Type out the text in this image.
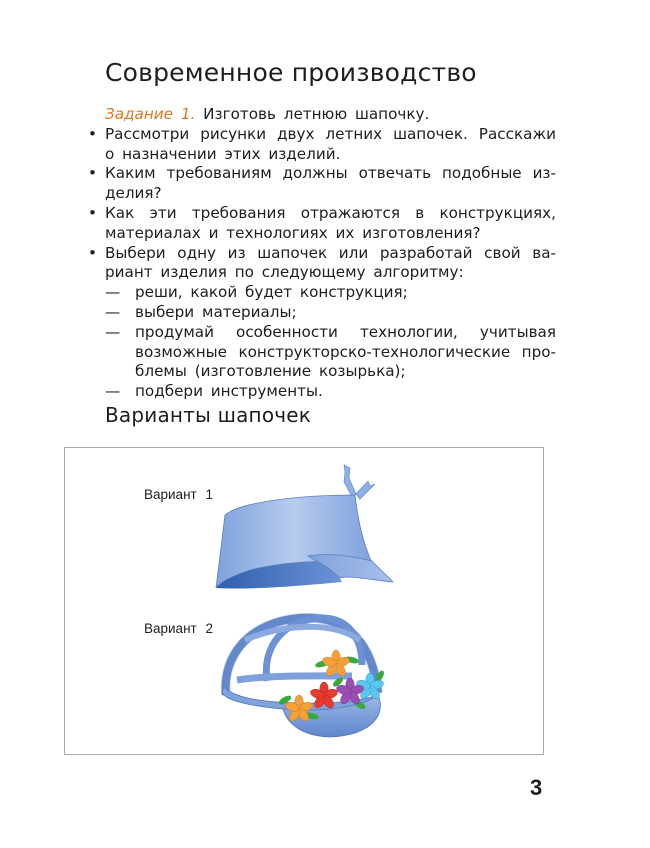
Современное производство
Задание 1. Изготовь летнюю шапочку.
• Рассмотри рисунки двух летних шапочек. Расскажи
о назначении этих изделий.
• Каким требованиям должны отвечать подобные из-
делия?
• Как эти требования отражаются в конструкциях,
материалах и технологиях их изготовления?
• Выбери одну из шапочек или разработай свой ва-
риант изделия по следующему алгоритму:
— реши, какой будет конструкция;
— выбери материалы;
— продумай особенности технологии, учитывая
возможные конструкторско-технологические про-
блемы (изготовление козырька);
— подбери инструменты.
Варианты шапочек
Вариант 1
Вариант 2
3
